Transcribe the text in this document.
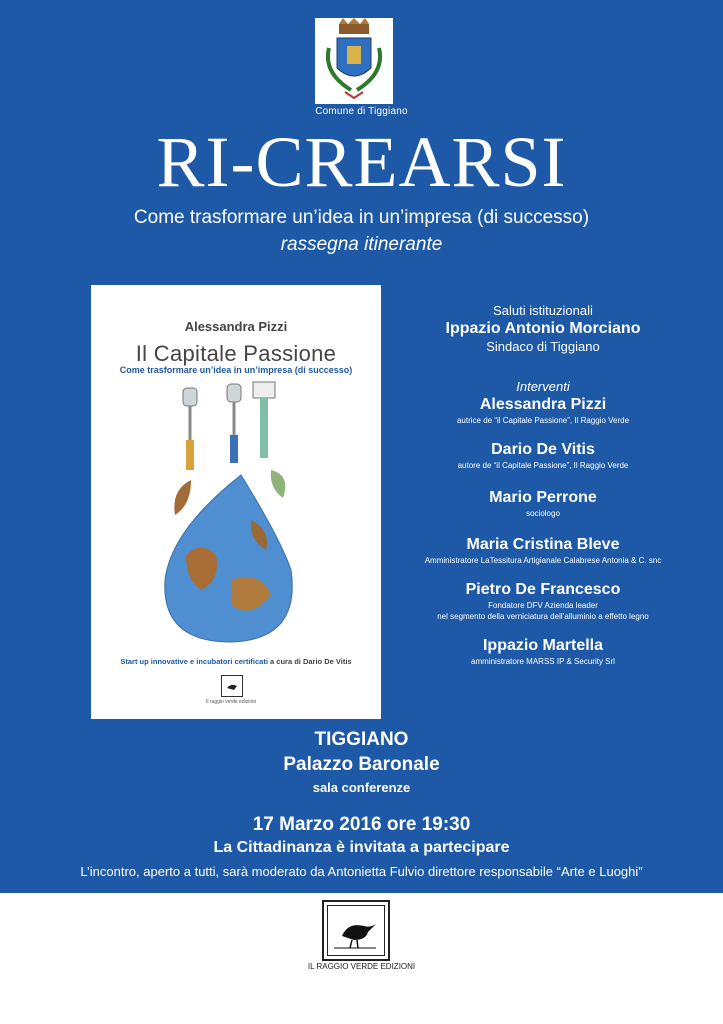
Comune di Tiggiano
RI-CREARSI
Come trasformare un’idea in un’impresa (di successo)
rassegna itinerante
Alessandra Pizzi
Il Capitale Passione
Come trasformare un’idea in un’impresa (di successo)
Start up innovative e incubatori certificati a cura di Dario De Vitis
Il raggio verde edizioni
Saluti istituzionali
Ippazio Antonio Morciano
Sindaco di Tiggiano
Interventi
Alessandra Pizzi
autrice de “il Capitale Passione”, Il Raggio Verde
Dario De Vitis
autore de “il Capitale Passione”, Il Raggio Verde
Mario Perrone
sociologo
Maria Cristina Bleve
Amministratore LaTessitura Artigianale Calabrese Antonia & C. snc
Pietro De Francesco
Fondatore DFV Azienda leader
nel segmento della verniciatura dell’alluminio a effetto legno
Ippazio Martella
amministratore MARSS IP & Security Srl
TIGGIANO
Palazzo Baronale
sala conferenze
17 Marzo 2016 ore 19:30
La Cittadinanza è invitata a partecipare
L’incontro, aperto a tutti, sarà moderato da Antonietta Fulvio direttore responsabile “Arte e Luoghi”
IL RAGGIO VERDE EDIZIONI
